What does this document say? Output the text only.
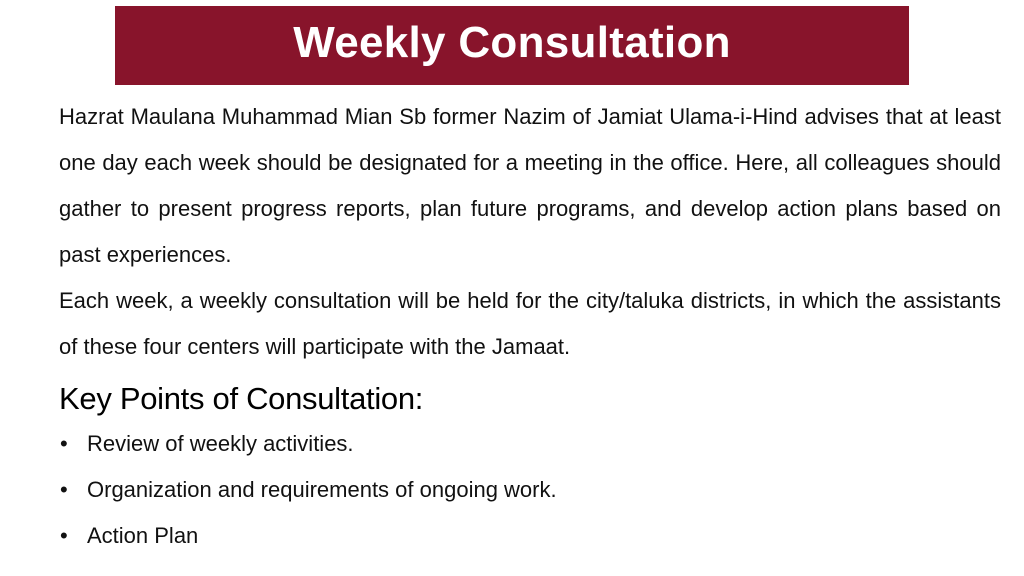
Weekly Consultation

Hazrat Maulana Muhammad Mian Sb former Nazim of Jamiat Ulama-i-Hind advises that at least one day each week should be designated for a meeting in the office. Here, all colleagues should gather to present progress reports, plan future programs, and develop action plans based on past experiences.

Each week, a weekly consultation will be held for the city/taluka districts, in which the assistants of these four centers will participate with the Jamaat.

Key Points of Consultation:
• Review of weekly activities.
• Organization and requirements of ongoing work.
• Action Plan
